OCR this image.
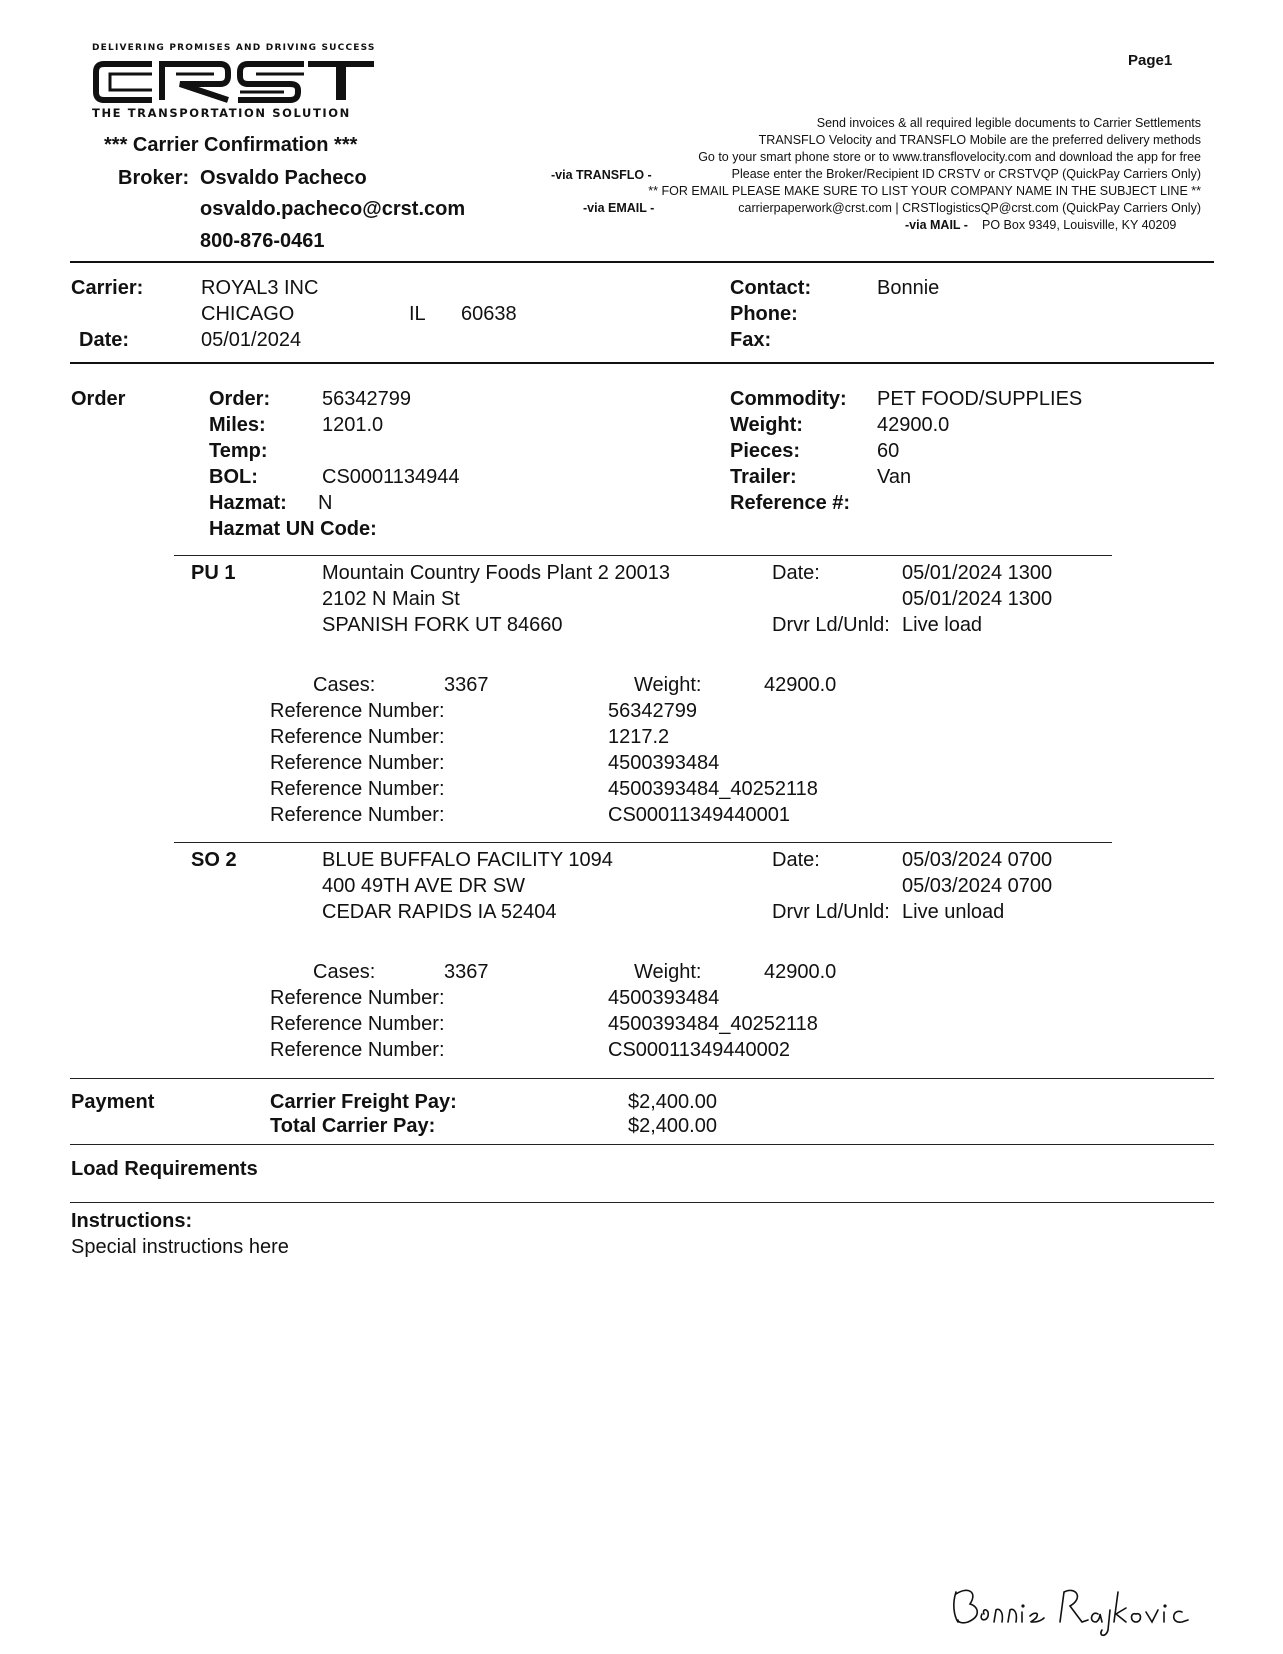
Page1
DELIVERING PROMISES AND DRIVING SUCCESS
THE TRANSPORTATION SOLUTION
*** Carrier Confirmation ***
Broker: Osvaldo Pacheco
osvaldo.pacheco@crst.com
800-876-0461
Send invoices & all required legible documents to Carrier Settlements
TRANSFLO Velocity and TRANSFLO Mobile are the preferred delivery methods
Go to your smart phone store or to www.transflovelocity.com and download the app for free
-via TRANSFLO -	Please enter the Broker/Recipient ID CRSTV or CRSTVQP (QuickPay Carriers Only)
** FOR EMAIL PLEASE MAKE SURE TO LIST YOUR COMPANY NAME IN THE SUBJECT LINE **
-via EMAIL -	carrierpaperwork@crst.com | CRSTlogisticsQP@crst.com (QuickPay Carriers Only)
-via MAIL - PO Box 9349, Louisville, KY 40209
Carrier:	ROYAL3 INC
CHICAGO	IL 60638
Date:	05/01/2024
Contact:	Bonnie
Phone:
Fax:
Order	Order:	56342799
Miles:	1201.0
Temp:
BOL:	CS0001134944
Hazmat: N
Hazmat UN Code:
Commodity: PET FOOD/SUPPLIES
Weight:	42900.0
Pieces:	60
Trailer:	Van
Reference #:
PU 1	Mountain Country Foods Plant 2 20013
2102 N Main St
SPANISH FORK UT 84660
Date:	05/01/2024 1300
05/01/2024 1300
Drvr Ld/Unld: Live load
Cases:	3367	Weight:	42900.0
Reference Number:	56342799
Reference Number:	1217.2
Reference Number:	4500393484
Reference Number:	4500393484_40252118
Reference Number:	CS00011349440001
SO 2	BLUE BUFFALO FACILITY 1094
400 49TH AVE DR SW
CEDAR RAPIDS IA 52404
Date:	05/03/2024 0700
05/03/2024 0700
Drvr Ld/Unld: Live unload
Cases:	3367	Weight:	42900.0
Reference Number:	4500393484
Reference Number:	4500393484_40252118
Reference Number:	CS00011349440002
Payment	Carrier Freight Pay:	$2,400.00
Total Carrier Pay:	$2,400.00
Load Requirements
Instructions:
Special instructions here
